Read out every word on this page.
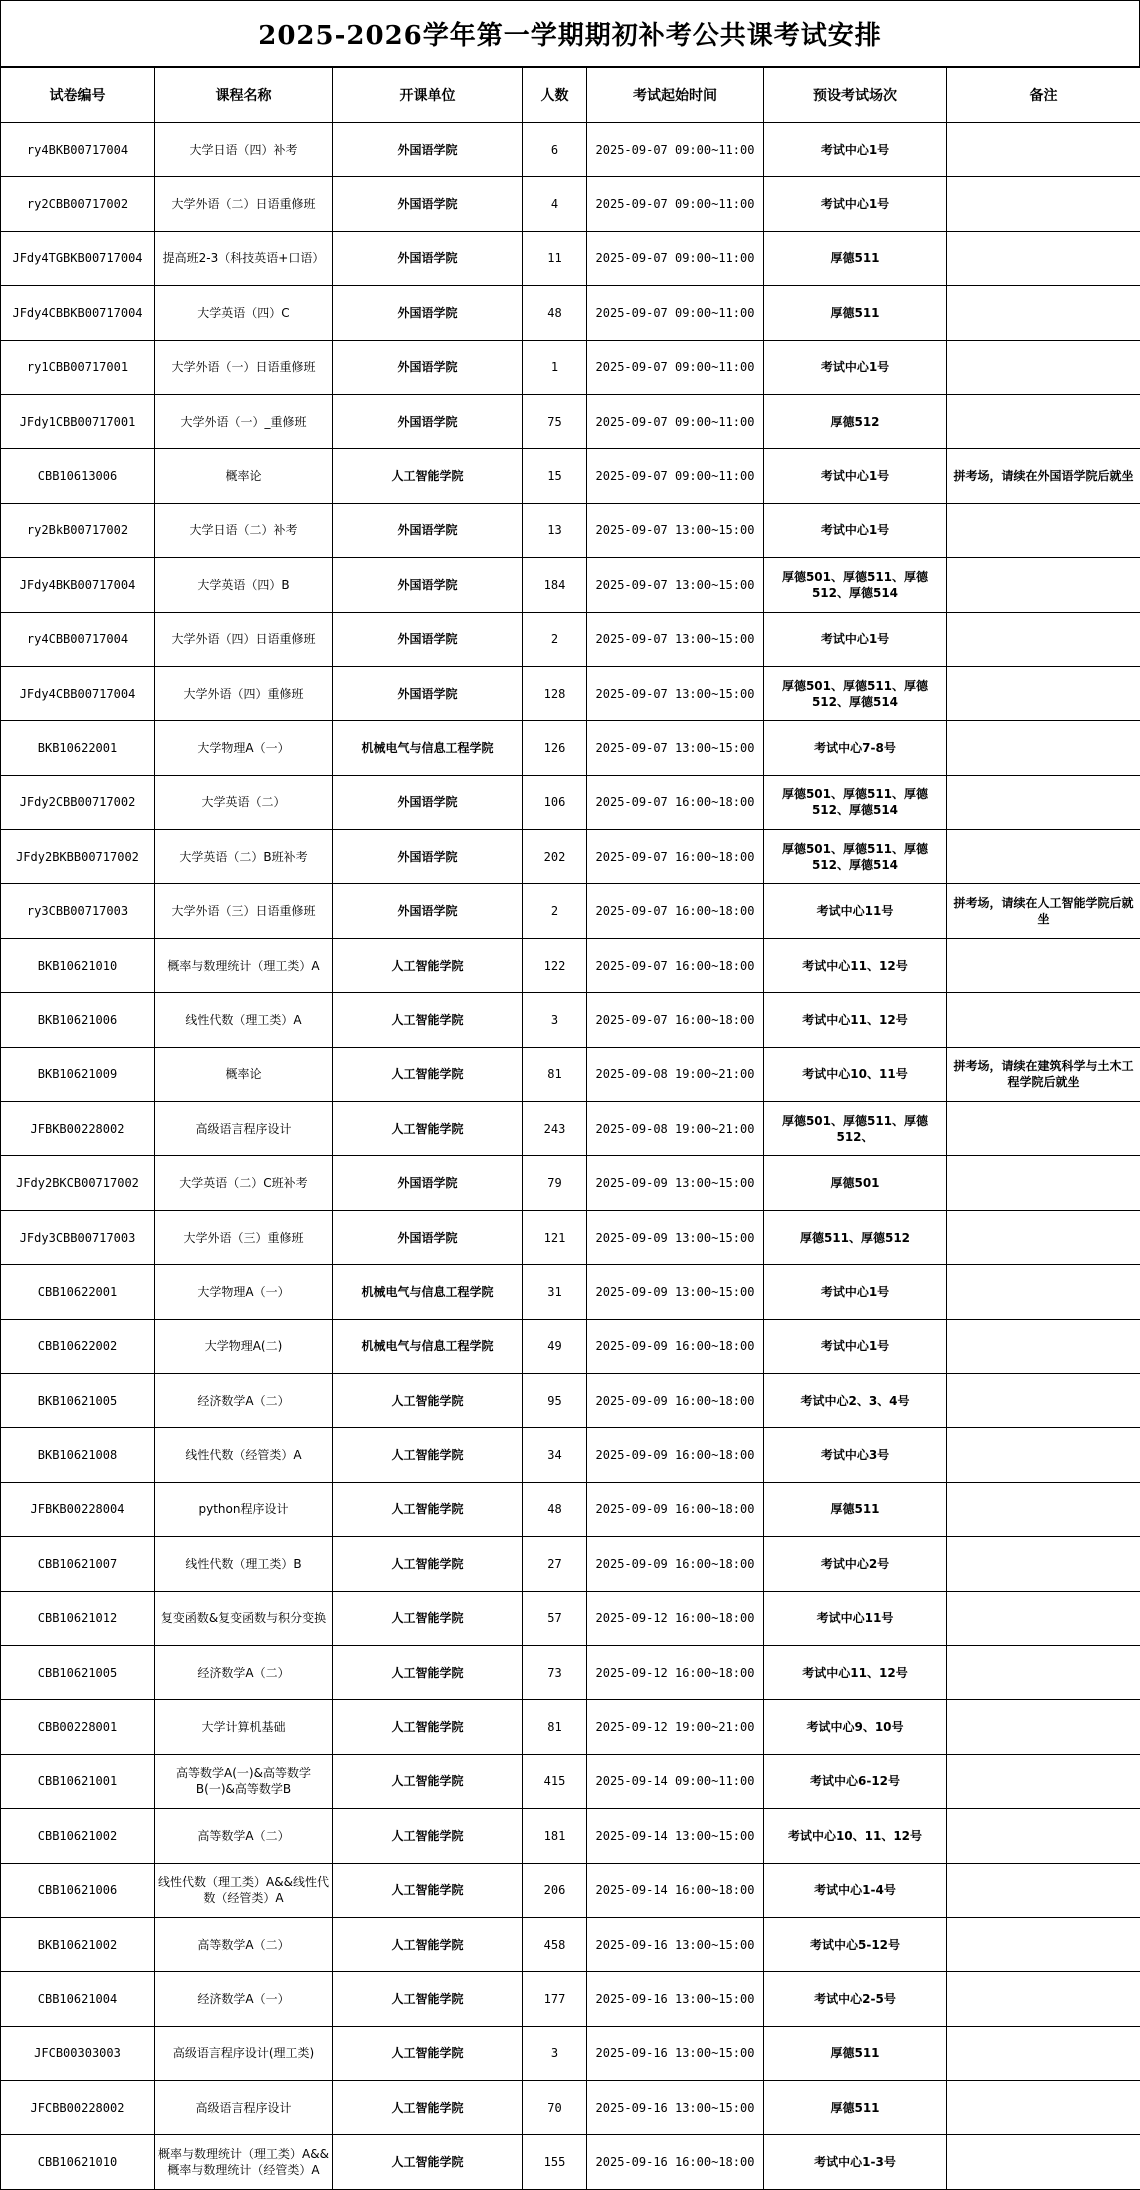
2025-2026学年第一学期期初补考公共课考试安排
试卷编号	课程名称	开课单位	人数	考试起始时间	预设考试场次	备注
ry4BKB00717004	大学日语（四）补考	外国语学院	6	2025-09-07 09:00~11:00	考试中心1号	
ry2CBB00717002	大学外语（二）日语重修班	外国语学院	4	2025-09-07 09:00~11:00	考试中心1号	
JFdy4TGBKB00717004	提高班2-3（科技英语+口语）	外国语学院	11	2025-09-07 09:00~11:00	厚德511	
JFdy4CBBKB00717004	大学英语（四）C	外国语学院	48	2025-09-07 09:00~11:00	厚德511	
ry1CBB00717001	大学外语（一）日语重修班	外国语学院	1	2025-09-07 09:00~11:00	考试中心1号	
JFdy1CBB00717001	大学外语（一）_重修班	外国语学院	75	2025-09-07 09:00~11:00	厚德512	
CBB10613006	概率论	人工智能学院	15	2025-09-07 09:00~11:00	考试中心1号	拼考场，请续在外国语学院后就坐
ry2BkB00717002	大学日语（二）补考	外国语学院	13	2025-09-07 13:00~15:00	考试中心1号	
JFdy4BKB00717004	大学英语（四）B	外国语学院	184	2025-09-07 13:00~15:00	厚德501、厚德511、厚德512、厚德514	
ry4CBB00717004	大学外语（四）日语重修班	外国语学院	2	2025-09-07 13:00~15:00	考试中心1号	
JFdy4CBB00717004	大学外语（四）重修班	外国语学院	128	2025-09-07 13:00~15:00	厚德501、厚德511、厚德512、厚德514	
BKB10622001	大学物理A（一）	机械电气与信息工程学院	126	2025-09-07 13:00~15:00	考试中心7-8号	
JFdy2CBB00717002	大学英语（二）	外国语学院	106	2025-09-07 16:00~18:00	厚德501、厚德511、厚德512、厚德514	
JFdy2BKBB00717002	大学英语（二）B班补考	外国语学院	202	2025-09-07 16:00~18:00	厚德501、厚德511、厚德512、厚德514	
ry3CBB00717003	大学外语（三）日语重修班	外国语学院	2	2025-09-07 16:00~18:00	考试中心11号	拼考场，请续在人工智能学院后就坐
BKB10621010	概率与数理统计（理工类）A	人工智能学院	122	2025-09-07 16:00~18:00	考试中心11、12号	
BKB10621006	线性代数（理工类）A	人工智能学院	3	2025-09-07 16:00~18:00	考试中心11、12号	
BKB10621009	概率论	人工智能学院	81	2025-09-08 19:00~21:00	考试中心10、11号	拼考场，请续在建筑科学与土木工程学院后就坐
JFBKB00228002	高级语言程序设计	人工智能学院	243	2025-09-08 19:00~21:00	厚德501、厚德511、厚德512、	
JFdy2BKCB00717002	大学英语（二）C班补考	外国语学院	79	2025-09-09 13:00~15:00	厚德501	
JFdy3CBB00717003	大学外语（三）重修班	外国语学院	121	2025-09-09 13:00~15:00	厚德511、厚德512	
CBB10622001	大学物理A（一）	机械电气与信息工程学院	31	2025-09-09 13:00~15:00	考试中心1号	
CBB10622002	大学物理A(二)	机械电气与信息工程学院	49	2025-09-09 16:00~18:00	考试中心1号	
BKB10621005	经济数学A（二）	人工智能学院	95	2025-09-09 16:00~18:00	考试中心2、3、4号	
BKB10621008	线性代数（经管类）A	人工智能学院	34	2025-09-09 16:00~18:00	考试中心3号	
JFBKB00228004	python程序设计	人工智能学院	48	2025-09-09 16:00~18:00	厚德511	
CBB10621007	线性代数（理工类）B	人工智能学院	27	2025-09-09 16:00~18:00	考试中心2号	
CBB10621012	复变函数&复变函数与积分变换	人工智能学院	57	2025-09-12 16:00~18:00	考试中心11号	
CBB10621005	经济数学A（二）	人工智能学院	73	2025-09-12 16:00~18:00	考试中心11、12号	
CBB00228001	大学计算机基础	人工智能学院	81	2025-09-12 19:00~21:00	考试中心9、10号	
CBB10621001	高等数学A(一)&高等数学B(一)&高等数学B	人工智能学院	415	2025-09-14 09:00~11:00	考试中心6-12号	
CBB10621002	高等数学A（二）	人工智能学院	181	2025-09-14 13:00~15:00	考试中心10、11、12号	
CBB10621006	线性代数（理工类）A&&线性代数（经管类）A	人工智能学院	206	2025-09-14 16:00~18:00	考试中心1-4号	
BKB10621002	高等数学A（二）	人工智能学院	458	2025-09-16 13:00~15:00	考试中心5-12号	
CBB10621004	经济数学A（一）	人工智能学院	177	2025-09-16 13:00~15:00	考试中心2-5号	
JFCB00303003	高级语言程序设计(理工类)	人工智能学院	3	2025-09-16 13:00~15:00	厚德511	
JFCBB00228002	高级语言程序设计	人工智能学院	70	2025-09-16 13:00~15:00	厚德511	
CBB10621010	概率与数理统计（理工类）A&&概率与数理统计（经管类）A	人工智能学院	155	2025-09-16 16:00~18:00	考试中心1-3号	
